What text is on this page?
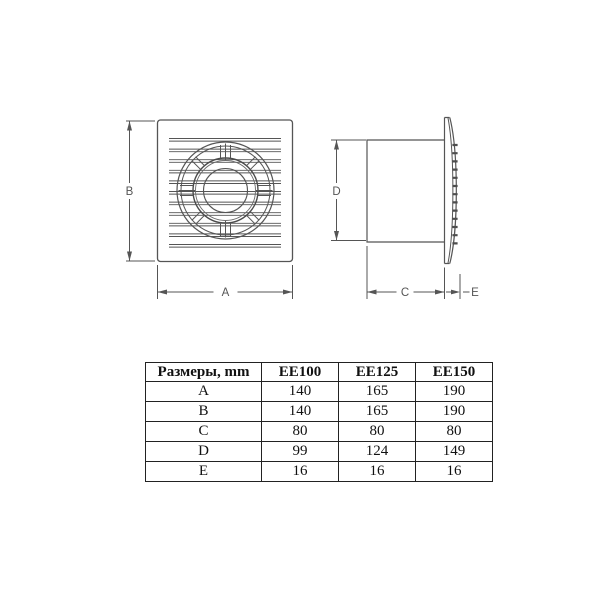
B
A
D
C	E
Размеры, mm	EE100	EE125	EE150
A	140	165	190
B	140	165	190
C	80	80	80
D	99	124	149
E	16	16	16
